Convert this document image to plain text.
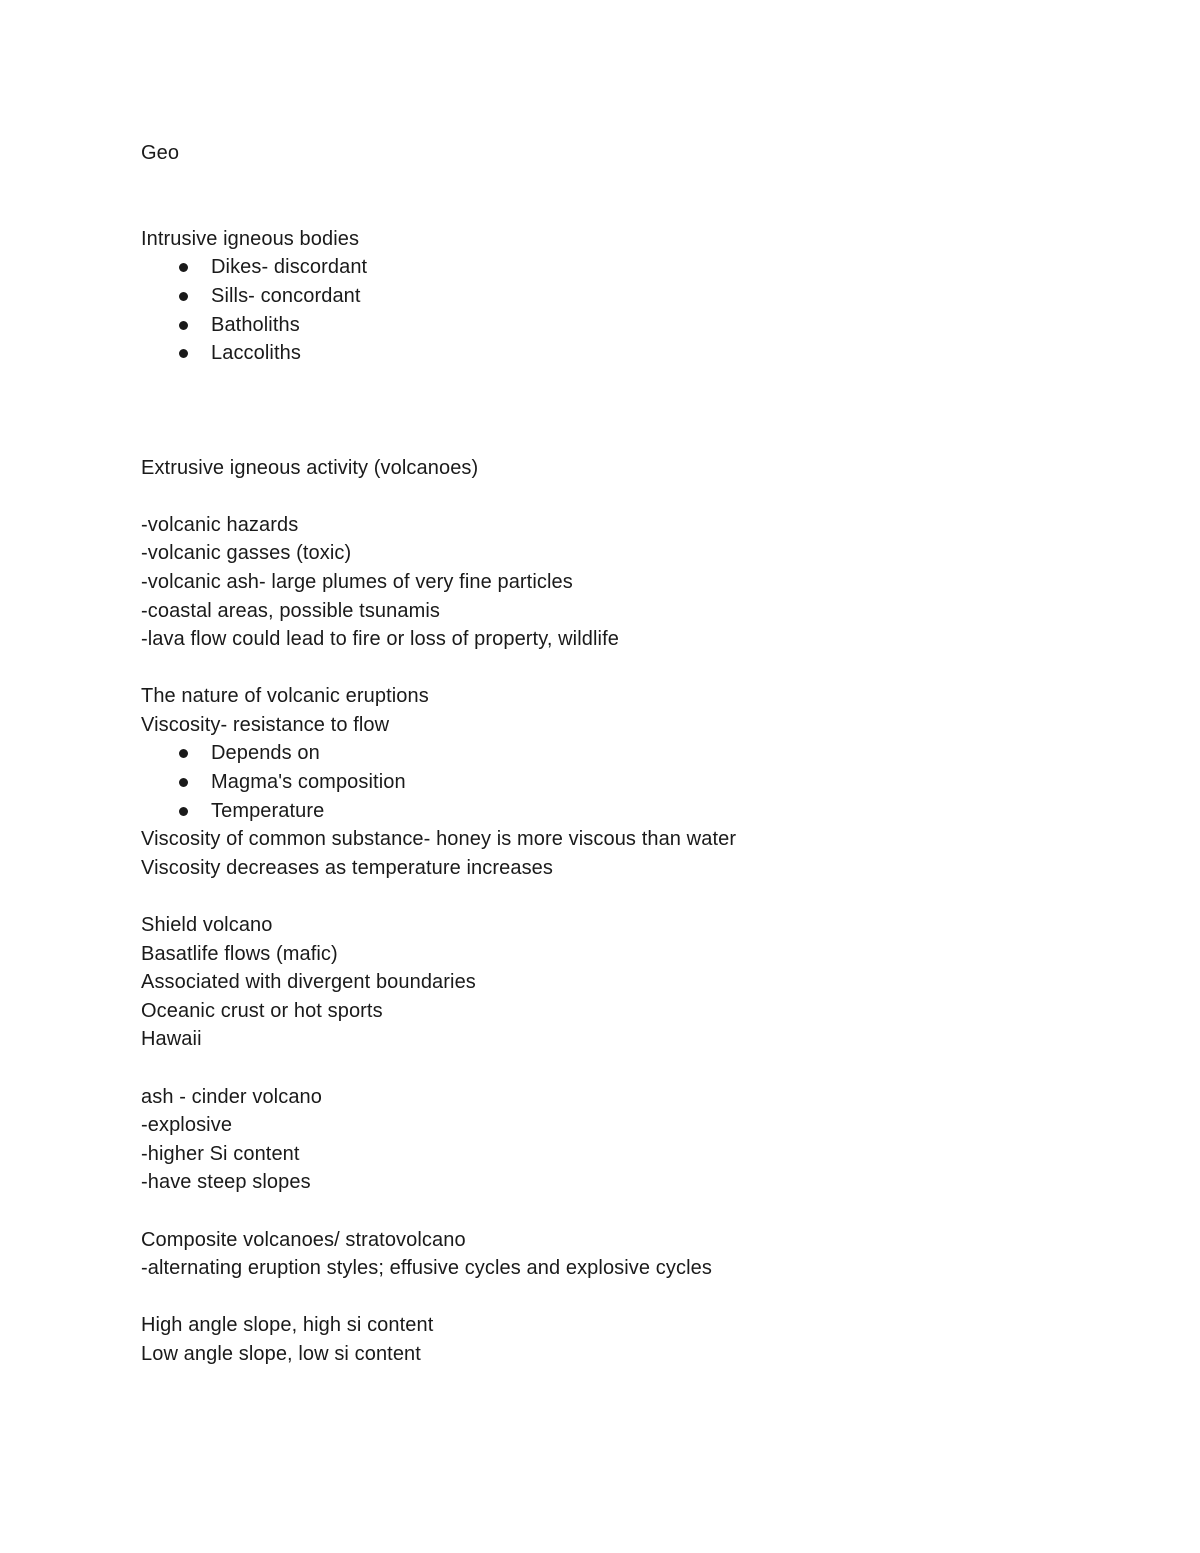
Geo

Intrusive igneous bodies

Dikes- discordant
Sills- concordant
Batholiths
Laccoliths

Extrusive igneous activity (volcanoes)

-volcanic hazards

-volcanic gasses (toxic)

-volcanic ash- large plumes of very fine particles

-coastal areas, possible tsunamis

-lava flow could lead to fire or loss of property, wildlife

The nature of volcanic eruptions

Viscosity- resistance to flow

Depends on
Magma's composition
Temperature

Viscosity of common substance- honey is more viscous than water

Viscosity decreases as temperature increases

Shield volcano

Basatlife flows (mafic)

Associated with divergent boundaries

Oceanic crust or hot sports

Hawaii

ash - cinder volcano

-explosive

-higher Si content

-have steep slopes

Composite volcanoes/ stratovolcano

-alternating eruption styles; effusive cycles and explosive cycles

High angle slope, high si content

Low angle slope, low si content
